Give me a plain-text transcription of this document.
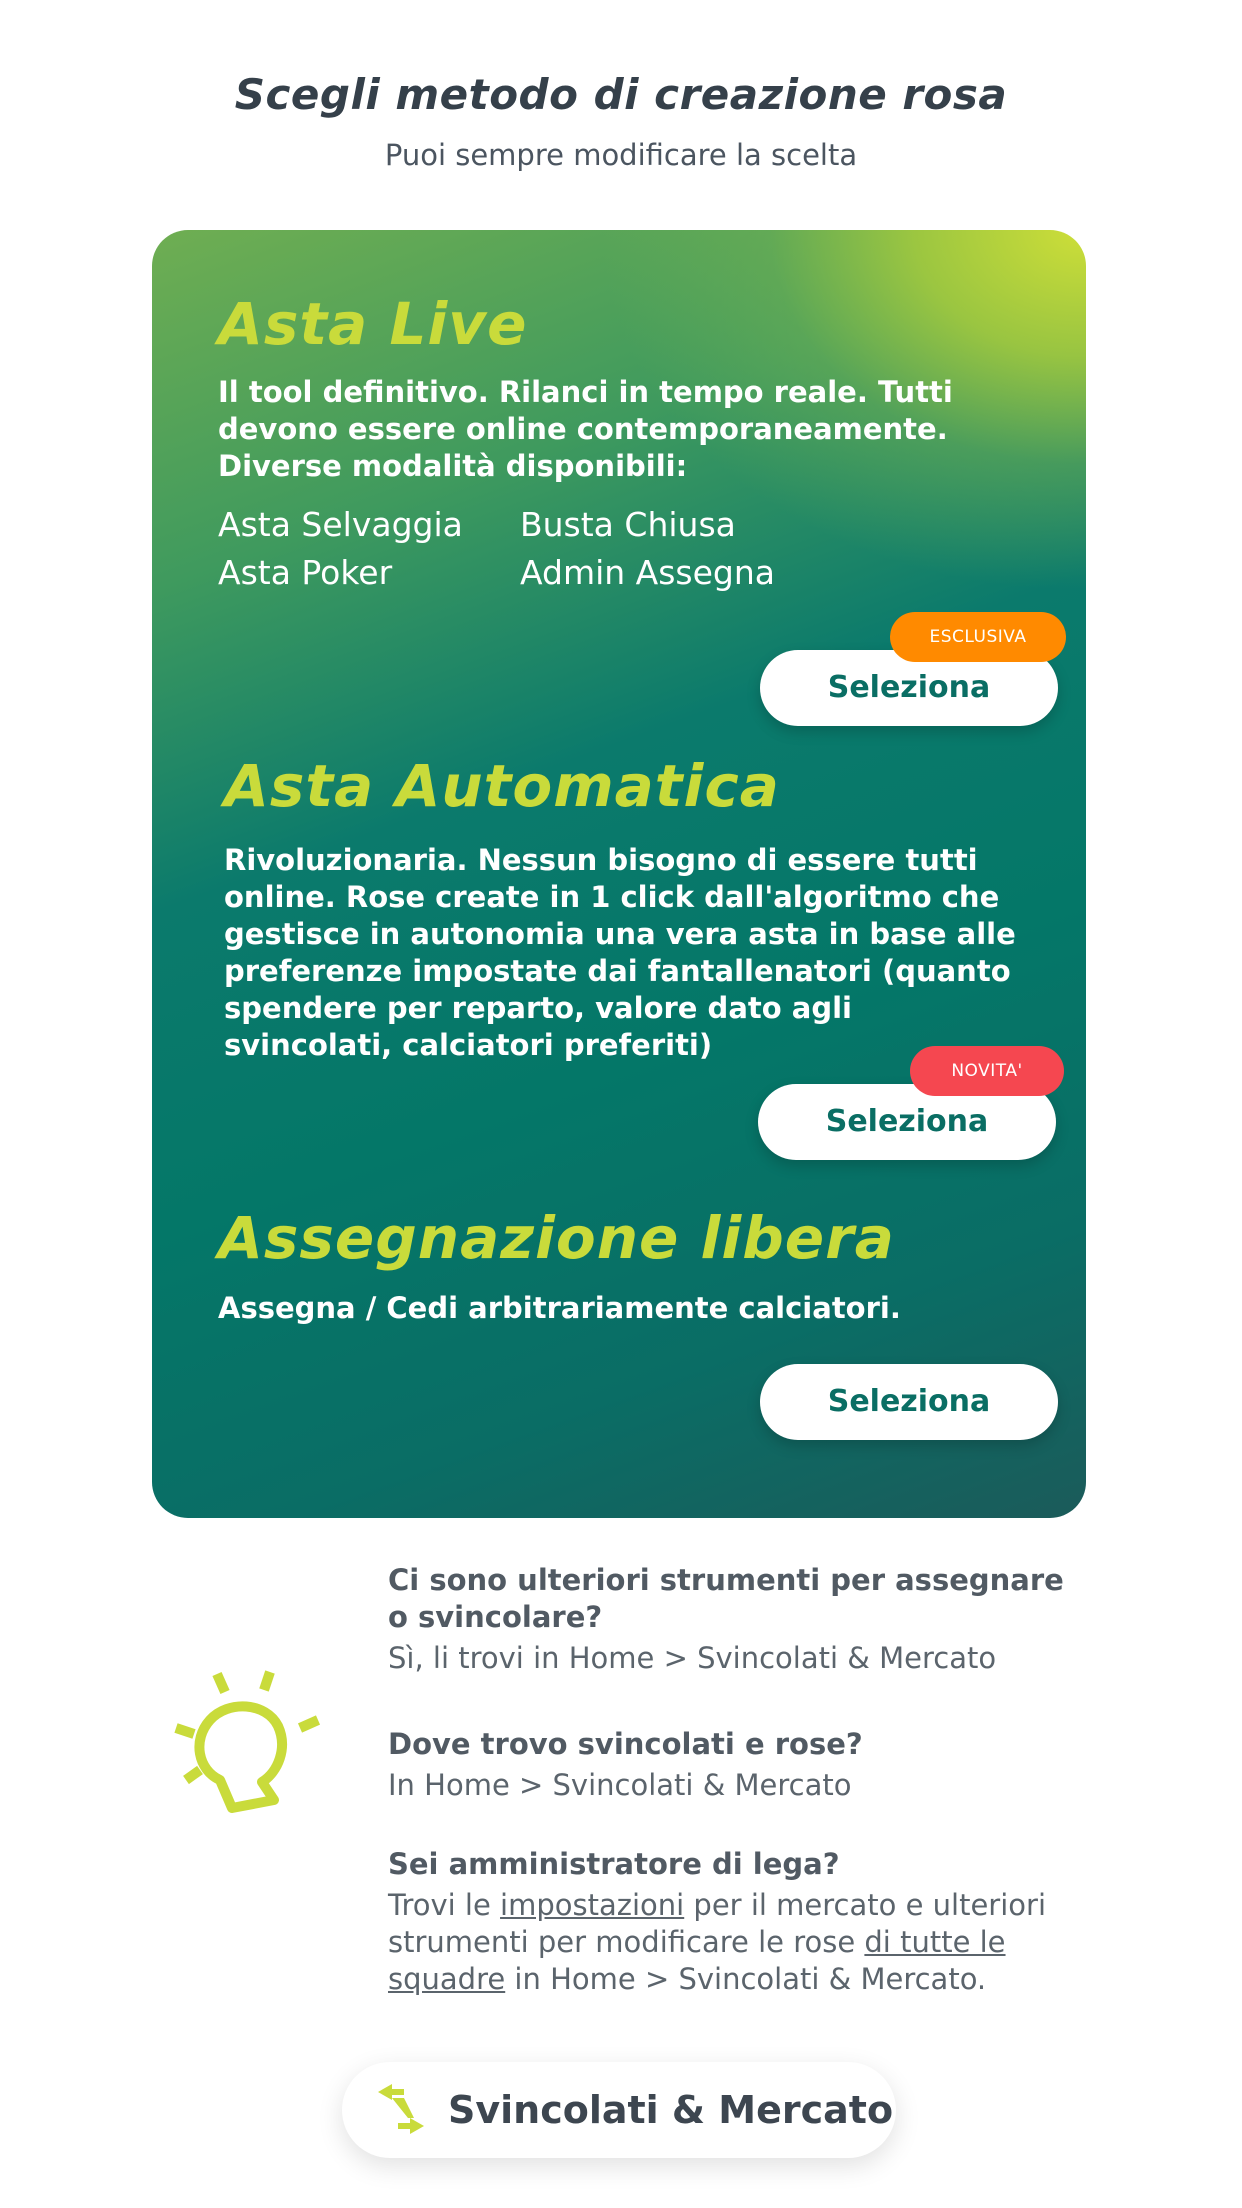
Scegli metodo di creazione rosa
Puoi sempre modificare la scelta
Asta Live
Il tool definitivo. Rilanci in tempo reale. Tutti devono essere online contemporaneamente. Diverse modalità disponibili:
Asta Selvaggia Busta Chiusa
Asta Poker	Admin Assegna
Seleziona
ESCLUSIVA
Asta Automatica
Rivoluzionaria. Nessun bisogno di essere tutti online. Rose create in 1 click dall'algoritmo che gestisce in autonomia una vera asta in base alle preferenze impostate dai fantallenatori (quanto spendere per reparto, valore dato agli svincolati, calciatori preferiti)
Seleziona
NOVITA'
Assegnazione libera
Assegna / Cedi arbitrariamente calciatori.
Seleziona
Ci sono ulteriori strumenti per assegnare o svincolare?
Sì, li trovi in Home > Svincolati & Mercato
Dove trovo svincolati e rose?
In Home > Svincolati & Mercato
Sei amministratore di lega?
Trovi le impostazioni per il mercato e ulteriori strumenti per modificare le rose di tutte le squadre in Home > Svincolati & Mercato.
Svincolati & Mercato
